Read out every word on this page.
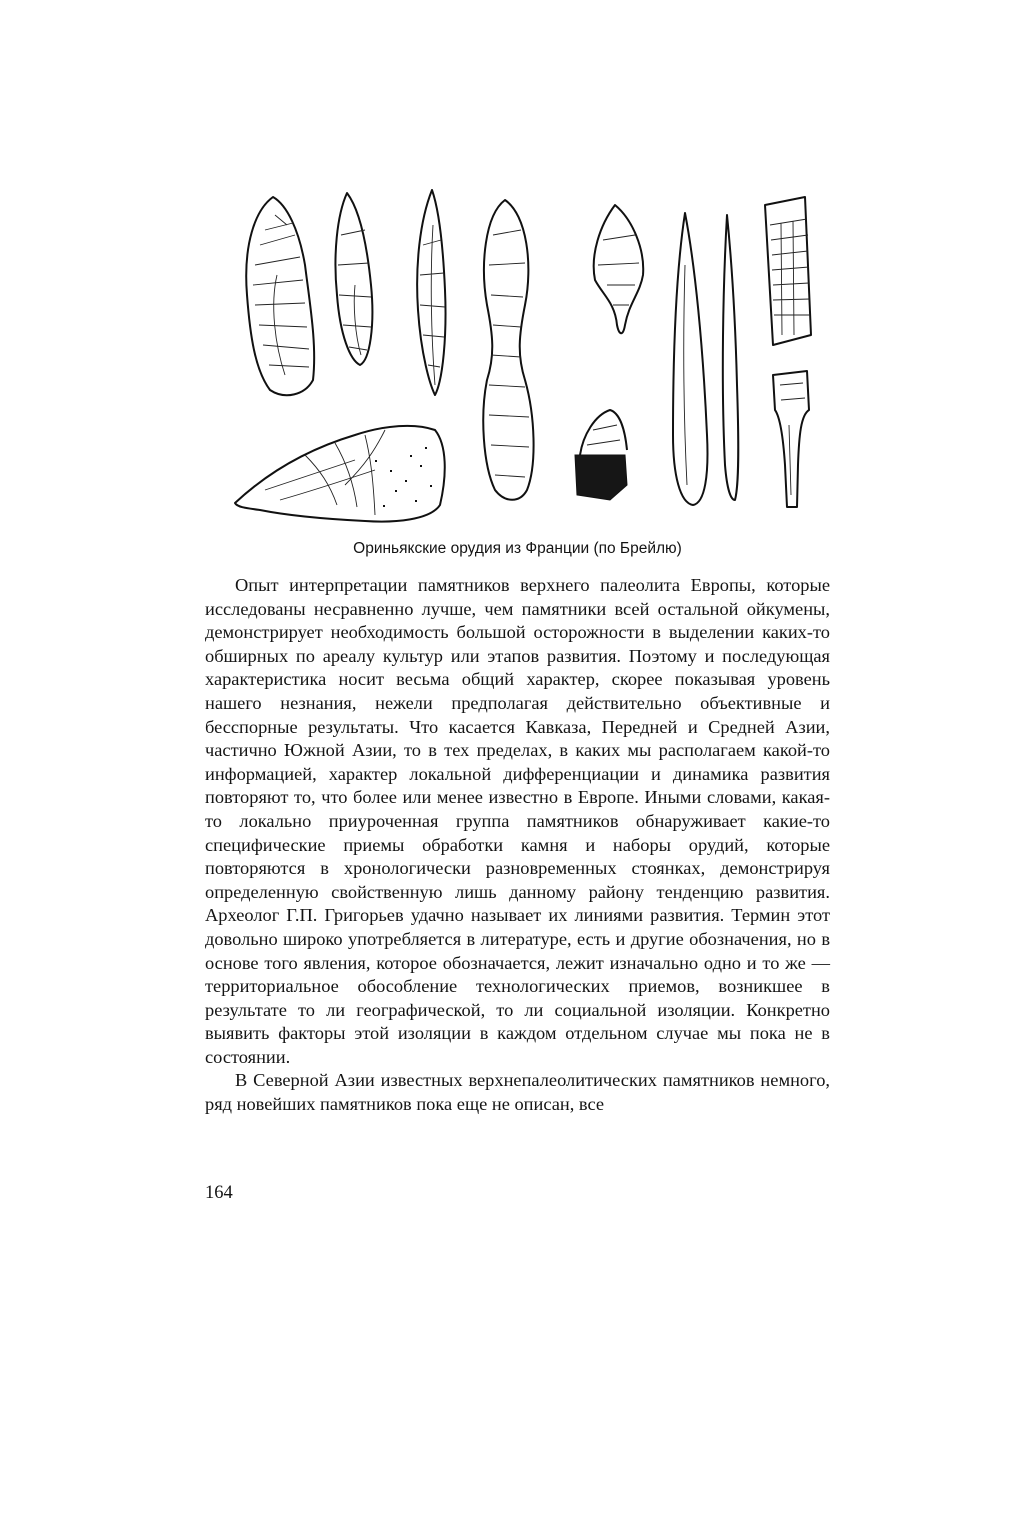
Ориньякские орудия из Франции (по Брейлю)

Опыт интерпретации памятников верхнего палеолита Европы, которые исследованы несравненно лучше, чем памятники всей остальной ойкумены, демонстрирует необходимость большой осторожности в выделении каких-то обширных по ареалу культур или этапов развития. Поэтому и последующая характеристика носит весьма общий характер, скорее показывая уровень нашего незнания, нежели предполагая действительно объективные и бесспорные результаты. Что касается Кавказа, Передней и Средней Азии, частично Южной Азии, то в тех пределах, в каких мы располагаем какой-то информацией, характер локальной дифференциации и динамика развития повторяют то, что более или менее известно в Европе. Иными словами, какая-то локально приуроченная группа памятников обнаруживает какие-то специфические приемы обработки камня и наборы орудий, которые повторяются в хронологически разновременных стоянках, демонстрируя определенную свойственную лишь данному району тенденцию развития. Археолог Г.П. Григорьев удачно называет их линиями развития. Термин этот довольно широко употребляется в литературе, есть и другие обозначения, но в основе того явления, которое обозначается, лежит изначально одно и то же — территориальное обособление технологических приемов, возникшее в результате то ли географической, то ли социальной изоляции. Конкретно выявить факторы этой изоляции в каждом отдельном случае мы пока не в состоянии.

В Северной Азии известных верхнепалеолитических памятников немного, ряд новейших памятников пока еще не описан, все

164
